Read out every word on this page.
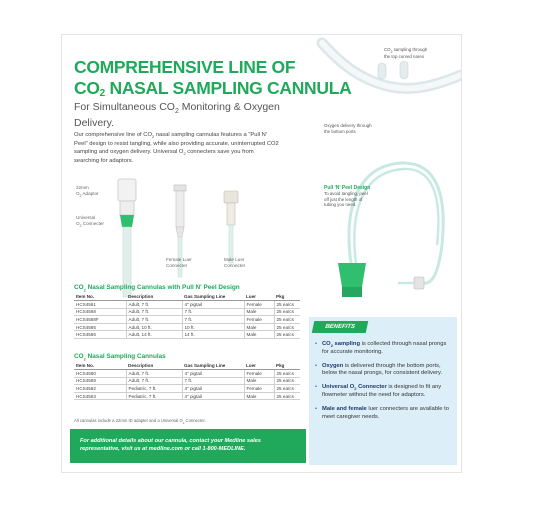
COMPREHENSIVE LINE OF
$CO_2$ NASAL SAMPLING CANNULA
For Simultaneous $CO_2$ Monitoring & Oxygen Delivery.
Our comprehensive line of $CO_2$ nasal sampling cannulas features a "Pull N' Peel" design to resist tangling, while also providing accurate, uninterrupted CO2 sampling and oxygen delivery. Universal $O_2$ connecters save you from searching for adaptors.
22mm
$O_2$ Adaptor
Universal
$O_2$ Connecter
Female Luer
Connecter
Male Luer
Connecter
$CO_2$ sampling through
the top curved nares
Oxygen delivery through
the bottom ports
Pull 'N' Peel Design
To avoid tangling, peel
off just the length of
tubing you need.
$CO_2$ Nasal Sampling Cannulas with Pull N' Peel Design
Item No.	Description	Gas Sampling Line	Luer	Pkg
HCS4561	Adult, 7 ft.	4" pigtail	Female	25 ea/cs
HCS4568	Adult, 7 ft.	7 ft.	Male	25 ea/cs
HCS4568F	Adult, 7 ft.	7 ft.	Female	25 ea/cs
HCS4565	Adult, 10 ft.	10 ft.	Male	25 ea/cs
HCS4566	Adult, 14 ft.	14 ft.	Male	25 ea/cs
$CO_2$ Nasal Sampling Cannulas
Item No.	Description	Gas Sampling Line	Luer	Pkg
HCS4560	Adult, 7 ft.	4" pigtail	Female	25 ea/cs
HCS4569	Adult, 7 ft.	7 ft.	Male	25 ea/cs
HCS4562	Pediatric, 7 ft.	4" pigtail	Female	25 ea/cs
HCS4563	Pediatric, 7 ft.	4" pigtail	Male	25 ea/cs
All cannulas include a 22mm ID adapter and a Universal $O_2$ Connecter.
For additional details about our cannula, contact your Medline sales
representative, visit us at medline.com or call 1-800-MEDLINE.
BENEFITS
• $CO_2$ sampling is collected through nasal prongs for accurate monitoring.
• Oxygen is delivered through the bottom ports, below the nasal prongs, for consistent delivery.
• Universal $O_2$ Connecter is designed to fit any flowmeter without the need for adaptors.
• Male and female luer connecters are available to meet caregiver needs.
